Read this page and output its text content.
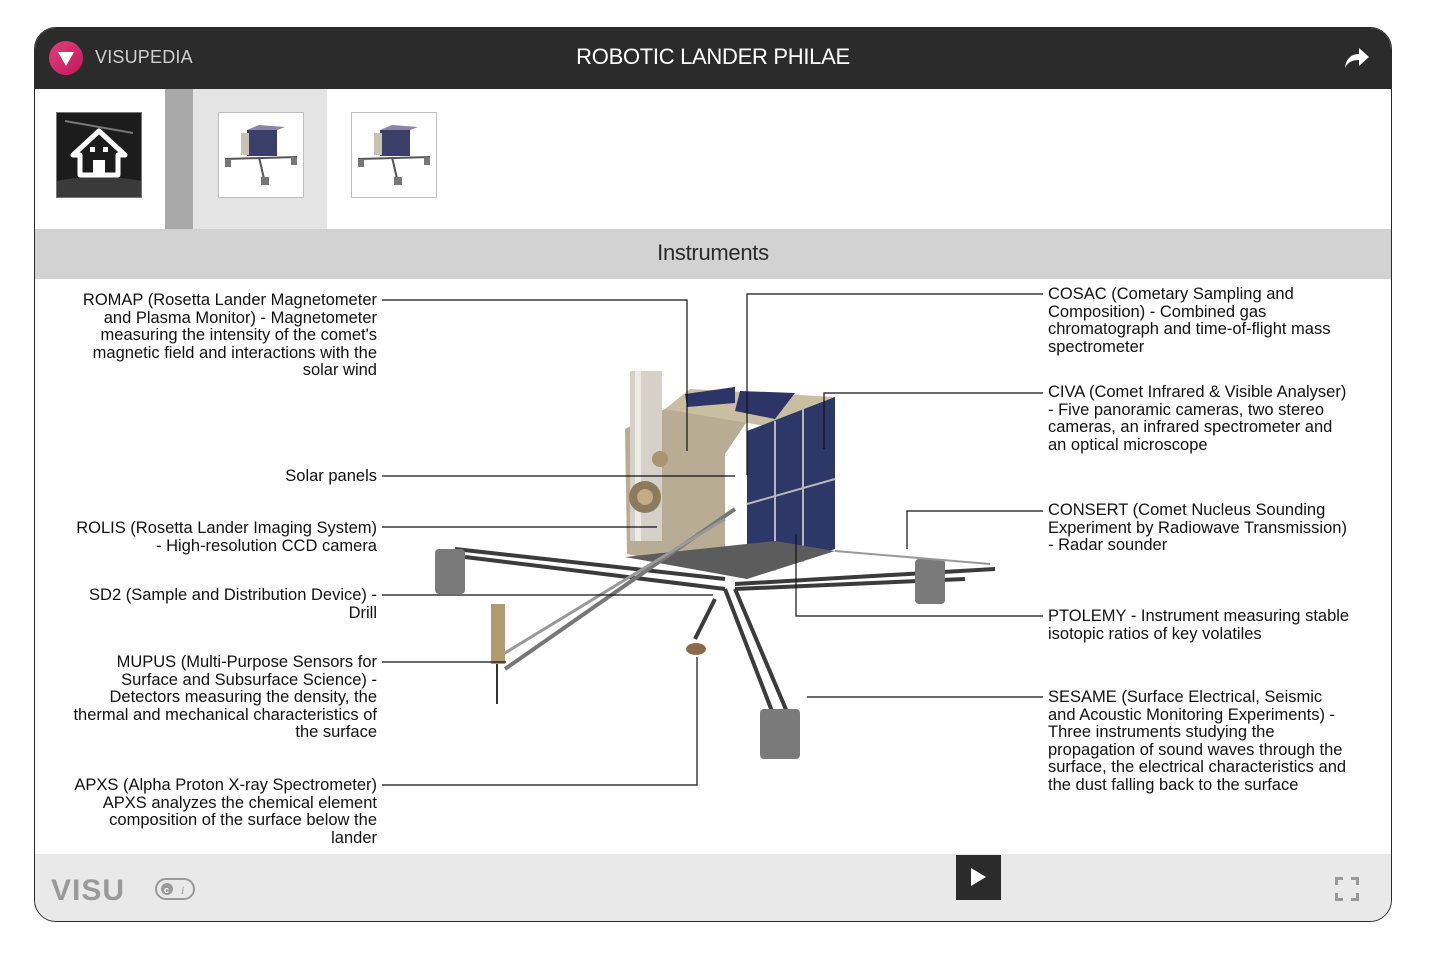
VISUPEDIA	ROBOTIC LANDER PHILAE
Instruments
ROMAP (Rosetta Lander Magnetometer
and Plasma Monitor) - Magnetometer
measuring the intensity of the comet's
magnetic field and interactions with the
solar wind
Solar panels
ROLIS (Rosetta Lander Imaging System)
- High-resolution CCD camera
SD2 (Sample and Distribution Device) -
Drill
MUPUS (Multi-Purpose Sensors for
Surface and Subsurface Science) -
Detectors measuring the density, the
thermal and mechanical characteristics of
the surface
APXS (Alpha Proton X-ray Spectrometer)
APXS analyzes the chemical element
composition of the surface below the
lander
COSAC (Cometary Sampling and
Composition) - Combined gas
chromatograph and time-of-flight mass
spectrometer
CIVA (Comet Infrared & Visible Analyser)
- Five panoramic cameras, two stereo
cameras, an infrared spectrometer and
an optical microscope
CONSERT (Comet Nucleus Sounding
Experiment by Radiowave Transmission)
- Radar sounder
PTOLEMY - Instrument measuring stable
isotopic ratios of key volatiles
SESAME (Surface Electrical, Seismic
and Acoustic Monitoring Experiments) -
Three instruments studying the
propagation of sound waves through the
surface, the electrical characteristics and
the dust falling back to the surface
VISU	c i
